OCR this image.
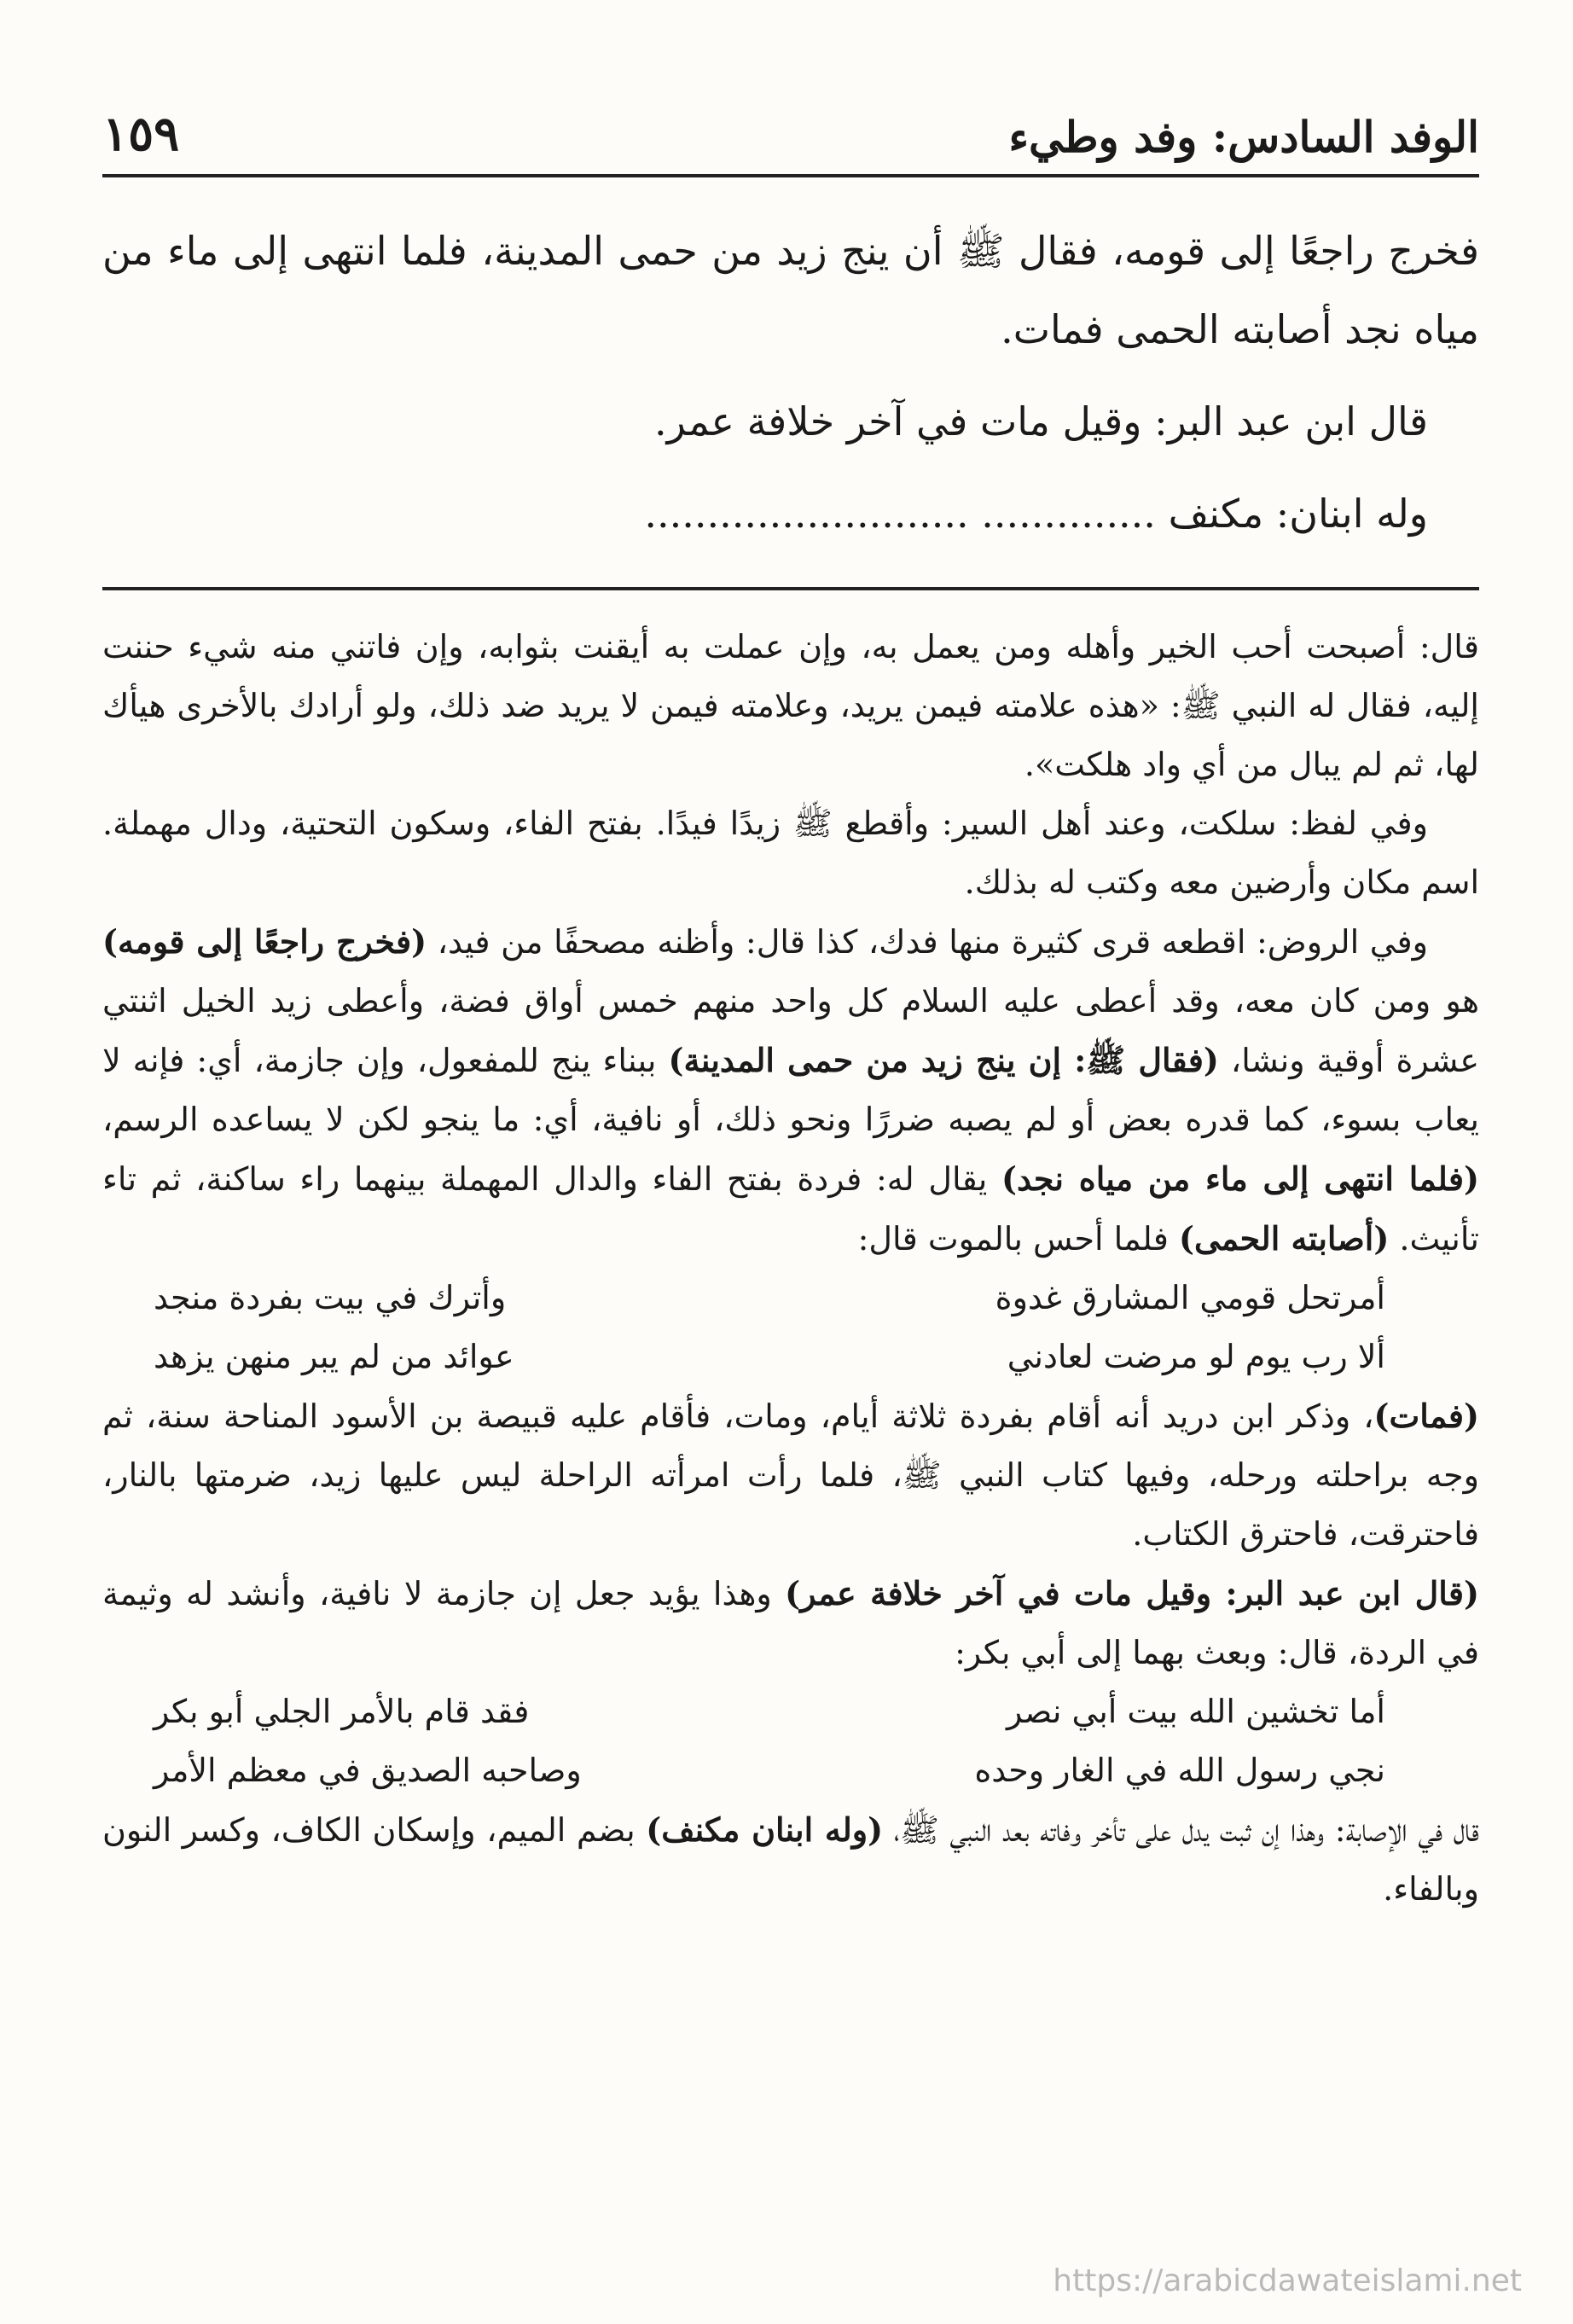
الوفد السادس: وفد وطيء
١٥٩

فخرج راجعًا إلى قومه، فقال ﷺ أن ينج زيد من حمى المدينة، فلما انتهى إلى ماء من مياه نجد أصابته الحمى فمات.

قال ابن عبد البر: وقيل مات في آخر خلافة عمر.

وله ابنان: مكنف .............. ..........................

قال: أصبحت أحب الخير وأهله ومن يعمل به، وإن عملت به أيقنت بثوابه، وإن فاتني منه شيء حننت إليه، فقال له النبي ﷺ: «هذه علامته فيمن يريد، وعلامته فيمن لا يريد ضد ذلك، ولو أرادك بالأخرى هيأك لها، ثم لم يبال من أي واد هلكت».

وفي لفظ: سلكت، وعند أهل السير: وأقطع ﷺ زيدًا فيدًا. بفتح الفاء، وسكون التحتية، ودال مهملة. اسم مكان وأرضين معه وكتب له بذلك.

وفي الروض: اقطعه قرى كثيرة منها فدك، كذا قال: وأظنه مصحفًا من فيد، (فخرج راجعًا إلى قومه) هو ومن كان معه، وقد أعطى عليه السلام كل واحد منهم خمس أواق فضة، وأعطى زيد الخيل اثنتي عشرة أوقية ونشا، (فقال ﷺ: إن ينج زيد من حمى المدينة) ببناء ينج للمفعول، وإن جازمة، أي: فإنه لا يعاب بسوء، كما قدره بعض أو لم يصبه ضررًا ونحو ذلك، أو نافية، أي: ما ينجو لكن لا يساعده الرسم، (فلما انتهى إلى ماء من مياه نجد) يقال له: فردة بفتح الفاء والدال المهملة بينهما راء ساكنة، ثم تاء تأنيث. (أصابته الحمى) فلما أحس بالموت قال:

أمرتحل قومي المشارق غدوة
وأترك في بيت بفردة منجد
ألا رب يوم لو مرضت لعادني
عوائد من لم يبر منهن يزهد

(فمات)، وذكر ابن دريد أنه أقام بفردة ثلاثة أيام، ومات، فأقام عليه قبيصة بن الأسود المناحة سنة، ثم وجه براحلته ورحله، وفيها كتاب النبي ﷺ، فلما رأت امرأته الراحلة ليس عليها زيد، ضرمتها بالنار، فاحترقت، فاحترق الكتاب.

(قال ابن عبد البر: وقيل مات في آخر خلافة عمر) وهذا يؤيد جعل إن جازمة لا نافية، وأنشد له وثيمة في الردة، قال: وبعث بهما إلى أبي بكر:

أما تخشين الله بيت أبي نصر
فقد قام بالأمر الجلي أبو بكر
نجي رسول الله في الغار وحده
وصاحبه الصديق في معظم الأمر

قال في الإصابة: وهذا إن ثبت يدل على تأخر وفاته بعد النبي ﷺ، (وله ابنان مكنف) بضم الميم، وإسكان الكاف، وكسر النون وبالفاء.

https://arabicdawateislami.net
